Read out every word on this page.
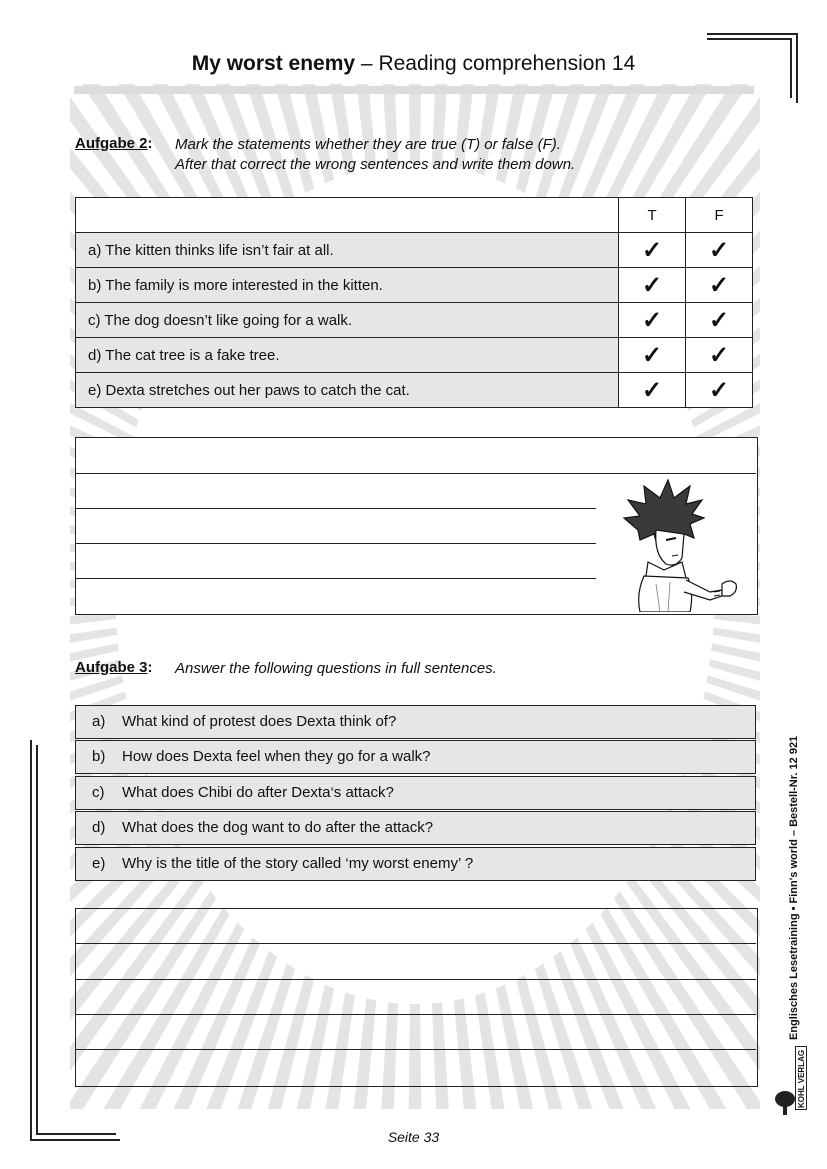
My worst enemy – Reading comprehension 14
Aufgabe 2: Mark the statements whether they are true (T) or false (F).
After that correct the wrong sentences and write them down.
	T	F
a) The kitten thinks life isn’t fair at all.	✓	✓
b) The family is more interested in the kitten.	✓	✓
c) The dog doesn’t like going for a walk.	✓	✓
d) The cat tree is a fake tree.	✓	✓
e) Dexta stretches out her paws to catch the cat.	✓	✓
Aufgabe 3: Answer the following questions in full sentences.
a) What kind of protest does Dexta think of?
b) How does Dexta feel when they go for a walk?
c) What does Chibi do after Dexta‘s attack?
d) What does the dog want to do after the attack?
e) Why is the title of the story called ‘my worst enemy’ ?	Englisches Lesetraining • Finn's world – Bestell-Nr. 12 921
KOHL VERLAG
Seite 33
